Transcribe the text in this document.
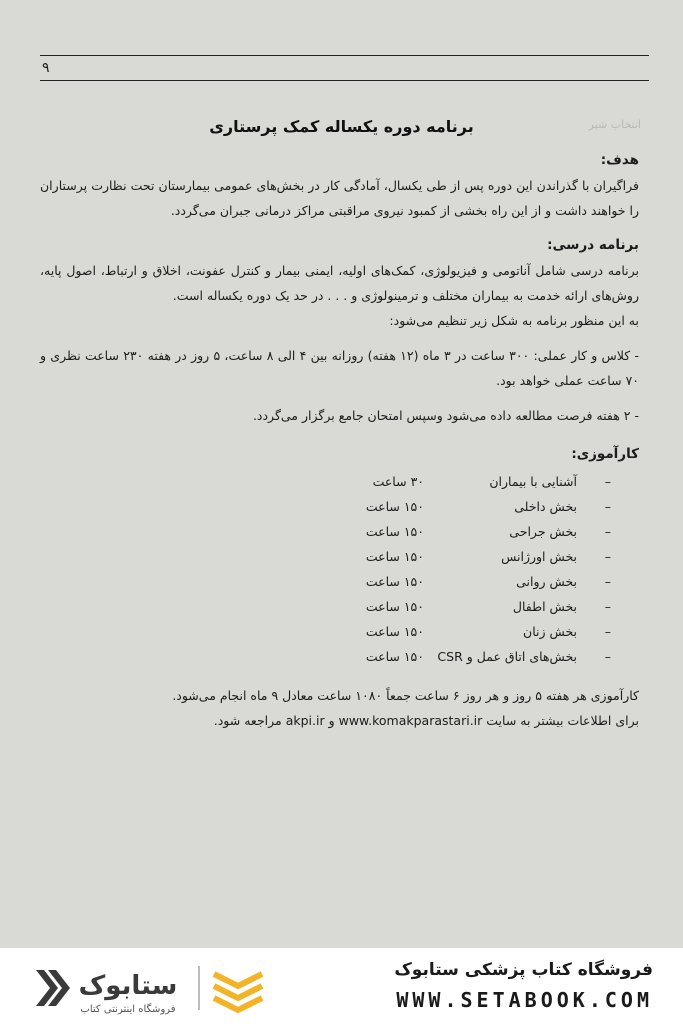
۹
انتخاب شیر
برنامه دوره یکساله کمک پرستاری

هدف:

فراگیران با گذراندن این دوره پس از طی یکسال، آمادگی کار در بخش‌های عمومی بیمارستان تحت نظارت پرستاران را خواهند داشت و از این راه بخشی از کمبود نیروی مراقبتی مراکز درمانی جبران می‌گردد.

برنامه درسی:

برنامه درسی شامل آناتومی و فیزیولوژی، کمک‌های اولیه، ایمنی بیمار و کنترل عفونت، اخلاق و ارتباط، اصول پایه، روش‌های ارائه خدمت به بیماران مختلف و ترمینولوژی و . . . در حد یک دوره یکساله است.

به این منظور برنامه به شکل زیر تنظیم می‌شود:

- کلاس و کار عملی: ۳۰۰ ساعت در ۳ ماه (۱۲ هفته) روزانه بین ۴ الی ۸ ساعت، ۵ روز در هفته ۲۳۰ ساعت نظری و ۷۰ ساعت عملی خواهد بود.

- ۲ هفته فرصت مطالعه داده می‌شود وسپس امتحان جامع برگزار می‌گردد.

کارآموزی:

–
آشنایی با بیماران
۳۰ ساعت
–
بخش داخلی
۱۵۰ ساعت
–
بخش جراحی
۱۵۰ ساعت
–
بخش اورژانس
۱۵۰ ساعت
–
بخش روانی
۱۵۰ ساعت
–
بخش اطفال
۱۵۰ ساعت
–
بخش زنان
۱۵۰ ساعت
–
بخش‌های اتاق عمل و CSR
۱۵۰ ساعت

کارآموزی هر هفته ۵ روز و هر روز ۶ ساعت جمعاً ۱۰۸۰ ساعت معادل ۹ ماه انجام می‌شود.

برای اطلاعات بیشتر به سایت www.komakparastari.ir و akpi.ir مراجعه شود.

ستابوک
فروشگاه اینترنتی کتاب
فروشگاه کتاب پزشکی ستابوک
WWW.SETABOOK.COM
